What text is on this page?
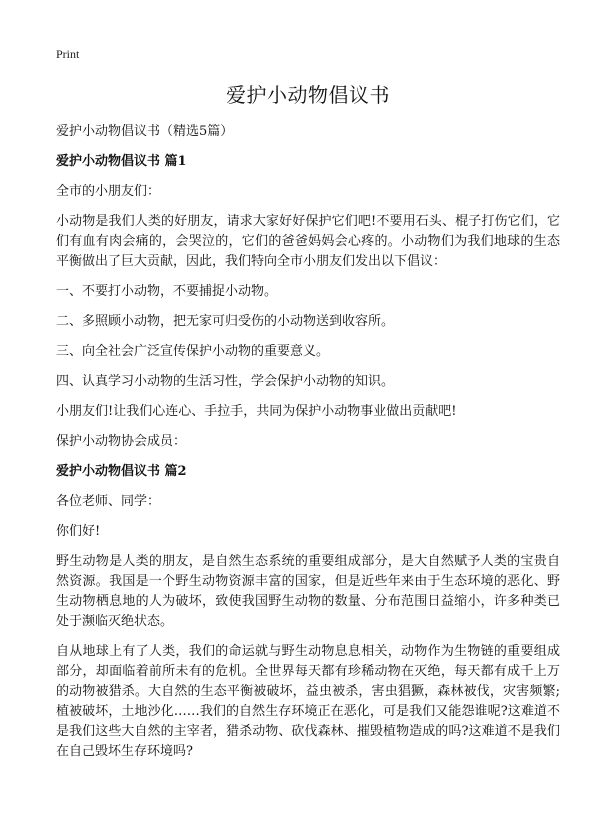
Print
爱护小动物倡议书

爱护小动物倡议书（精选5篇）

爱护小动物倡议书 篇1

全市的小朋友们：

小动物是我们人类的好朋友，请求大家好好保护它们吧!不要用石头、棍子打伤它们，它们有血有肉会痛的，会哭泣的，它们的爸爸妈妈会心疼的。小动物们为我们地球的生态平衡做出了巨大贡献，因此，我们特向全市小朋友们发出以下倡议：

一、不要打小动物，不要捕捉小动物。

二、多照顾小动物，把无家可归受伤的小动物送到收容所。

三、向全社会广泛宣传保护小动物的重要意义。

四、认真学习小动物的生活习性，学会保护小动物的知识。

小朋友们!让我们心连心、手拉手，共同为保护小动物事业做出贡献吧!

保护小动物协会成员：

爱护小动物倡议书 篇2

各位老师、同学：

你们好!

野生动物是人类的朋友，是自然生态系统的重要组成部分，是大自然赋予人类的宝贵自然资源。我国是一个野生动物资源丰富的国家，但是近些年来由于生态环境的恶化、野生动物栖息地的人为破坏，致使我国野生动物的数量、分布范围日益缩小，许多种类已处于濒临灭绝状态。

自从地球上有了人类，我们的命运就与野生动物息息相关，动物作为生物链的重要组成部分，却面临着前所未有的危机。全世界每天都有珍稀动物在灭绝，每天都有成千上万的动物被猎杀。大自然的生态平衡被破坏，益虫被杀，害虫猖獗，森林被伐，灾害频繁;植被破坏，土地沙化……我们的自然生存环境正在恶化，可是我们又能怨谁呢?这难道不是我们这些大自然的主宰者，猎杀动物、砍伐森林、摧毁植物造成的吗?这难道不是我们在自己毁坏生存环境吗?
